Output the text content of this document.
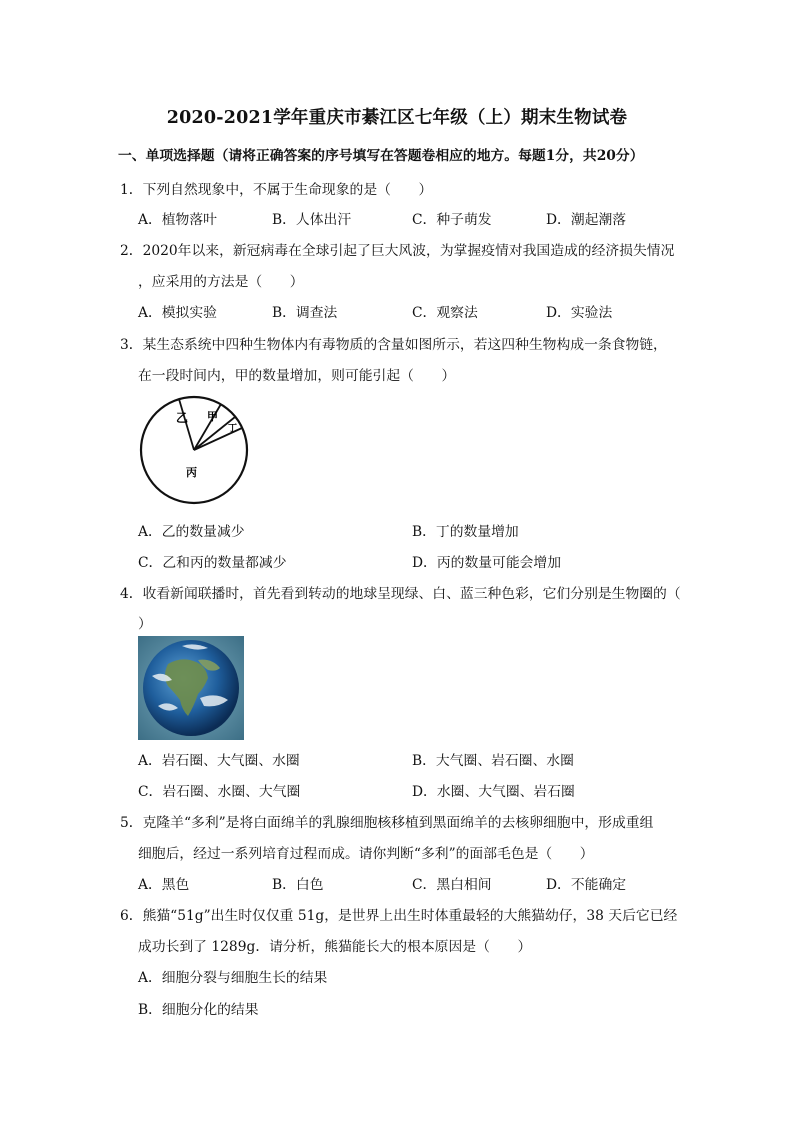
2020-2021学年重庆市綦江区七年级（上）期末生物试卷
一、单项选择题（请将正确答案的序号填写在答题卷相应的地方。每题1分，共20分）
1．下列自然现象中，不属于生命现象的是（　　）
A．植物落叶	B．人体出汗	C．种子萌发	D．潮起潮落
2．2020年以来，新冠病毒在全球引起了巨大风波，为掌握疫情对我国造成的经济损失情况
，应采用的方法是（　　）
A．模拟实验	B．调查法	C．观察法	D．实验法
3．某生态系统中四种生物体内有毒物质的含量如图所示，若这四种生物构成一条食物链，
在一段时间内，甲的数量增加，则可能引起（　　）
乙 甲
丁
丙
A．乙的数量减少	B．丁的数量增加
C．乙和丙的数量都减少	D．丙的数量可能会增加
4．收看新闻联播时，首先看到转动的地球呈现绿、白、蓝三种色彩，它们分别是生物圈的（
）
A．岩石圈、大气圈、水圈	B．大气圈、岩石圈、水圈
C．岩石圈、水圈、大气圈	D．水圈、大气圈、岩石圈
5．克隆羊“多利”是将白面绵羊的乳腺细胞核移植到黑面绵羊的去核卵细胞中，形成重组
细胞后，经过一系列培育过程而成。请你判断“多利”的面部毛色是（　　）
A．黑色	B．白色	C．黑白相间	D．不能确定
6．熊猫“51g”出生时仅仅重 51g，是世界上出生时体重最轻的大熊猫幼仔，38 天后它已经
成功长到了 1289g．请分析，熊猫能长大的根本原因是（　　）
A．细胞分裂与细胞生长的结果
B．细胞分化的结果
